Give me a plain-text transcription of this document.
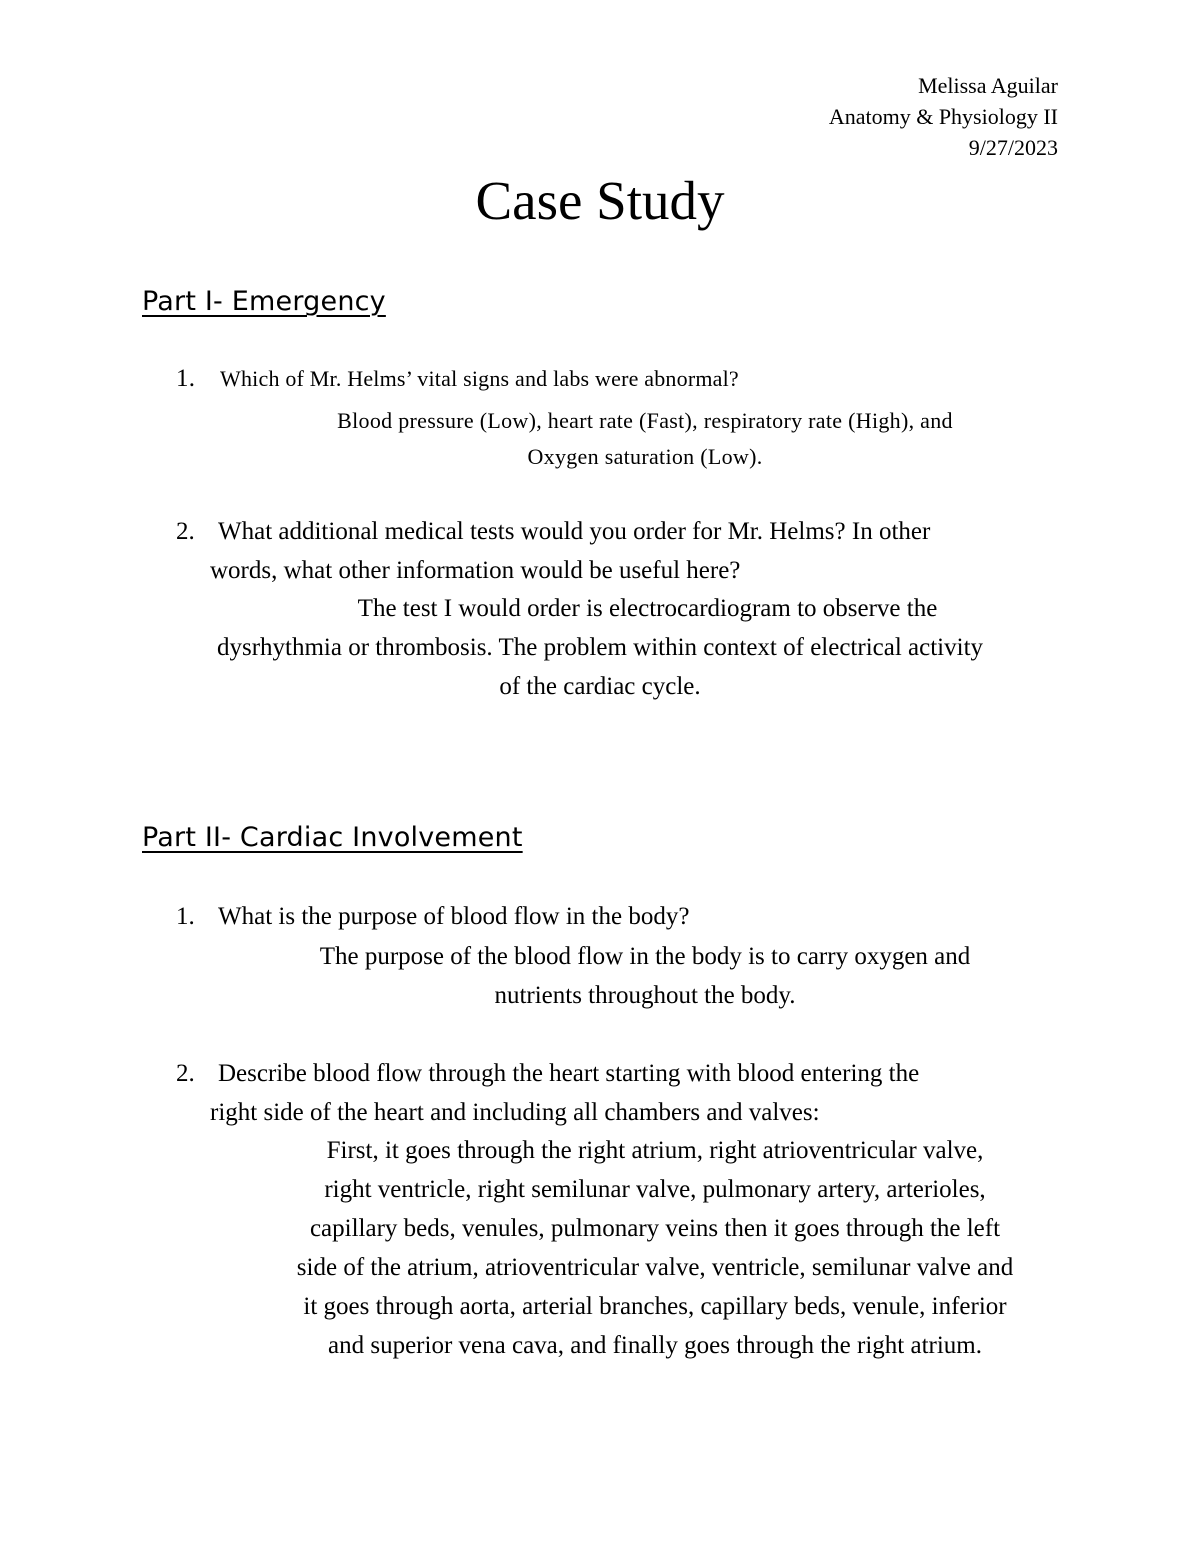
Melissa Aguilar
Anatomy & Physiology II
9/27/2023
Case Study
Part I- Emergency
1. Which of Mr. Helms’ vital signs and labs were abnormal?
Blood pressure (Low), heart rate (Fast), respiratory rate (High), and
Oxygen saturation (Low).
2. What additional medical tests would you order for Mr. Helms? In other
words, what other information would be useful here?
The test I would order is electrocardiogram to observe the
dysrhythmia or thrombosis. The problem within context of electrical activity
of the cardiac cycle.
Part II- Cardiac Involvement
1. What is the purpose of blood flow in the body?
The purpose of the blood flow in the body is to carry oxygen and
nutrients throughout the body.
2. Describe blood flow through the heart starting with blood entering the
right side of the heart and including all chambers and valves:
First, it goes through the right atrium, right atrioventricular valve,
right ventricle, right semilunar valve, pulmonary artery, arterioles,
capillary beds, venules, pulmonary veins then it goes through the left
side of the atrium, atrioventricular valve, ventricle, semilunar valve and
it goes through aorta, arterial branches, capillary beds, venule, inferior
and superior vena cava, and finally goes through the right atrium.
